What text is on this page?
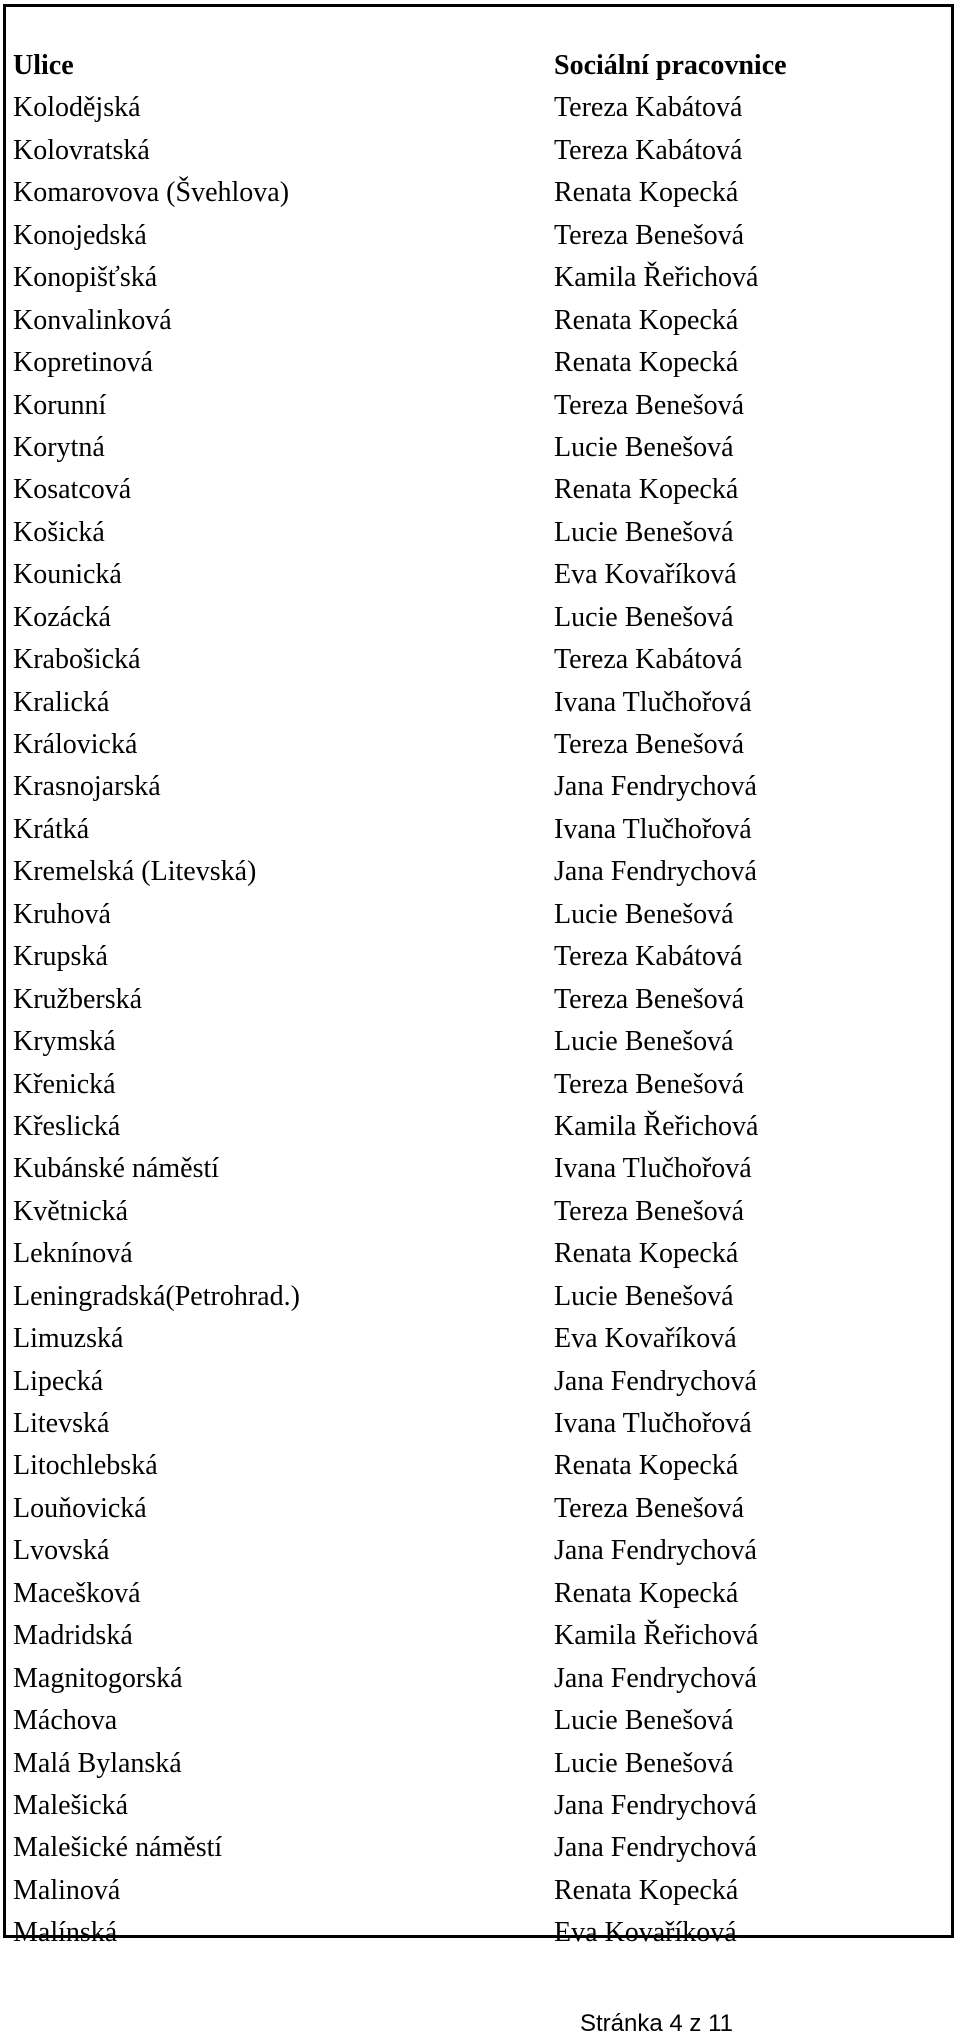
Ulice	Sociální pracovnice
Kolodějská	Tereza Kabátová
Kolovratská	Tereza Kabátová
Komarovova (Švehlova)	Renata Kopecká
Konojedská	Tereza Benešová
Konopišťská	Kamila Řeřichová
Konvalinková	Renata Kopecká
Kopretinová	Renata Kopecká
Korunní	Tereza Benešová
Korytná	Lucie Benešová
Kosatcová	Renata Kopecká
Košická	Lucie Benešová
Kounická	Eva Kovaříková
Kozácká	Lucie Benešová
Krabošická	Tereza Kabátová
Kralická	Ivana Tlučhořová
Královická	Tereza Benešová
Krasnojarská	Jana Fendrychová
Krátká	Ivana Tlučhořová
Kremelská (Litevská)	Jana Fendrychová
Kruhová	Lucie Benešová
Krupská	Tereza Kabátová
Kružberská	Tereza Benešová
Krymská	Lucie Benešová
Křenická	Tereza Benešová
Křeslická	Kamila Řeřichová
Kubánské náměstí	Ivana Tlučhořová
Květnická	Tereza Benešová
Leknínová	Renata Kopecká
Leningradská(Petrohrad.)	Lucie Benešová
Limuzská	Eva Kovaříková
Lipecká	Jana Fendrychová
Litevská	Ivana Tlučhořová
Litochlebská	Renata Kopecká
Louňovická	Tereza Benešová
Lvovská	Jana Fendrychová
Macešková	Renata Kopecká
Madridská	Kamila Řeřichová
Magnitogorská	Jana Fendrychová
Máchova	Lucie Benešová
Malá Bylanská	Lucie Benešová
Malešická	Jana Fendrychová
Malešické náměstí	Jana Fendrychová
Malinová	Renata Kopecká
Malínská	Eva Kovaříková
Stránka 4 z 11
